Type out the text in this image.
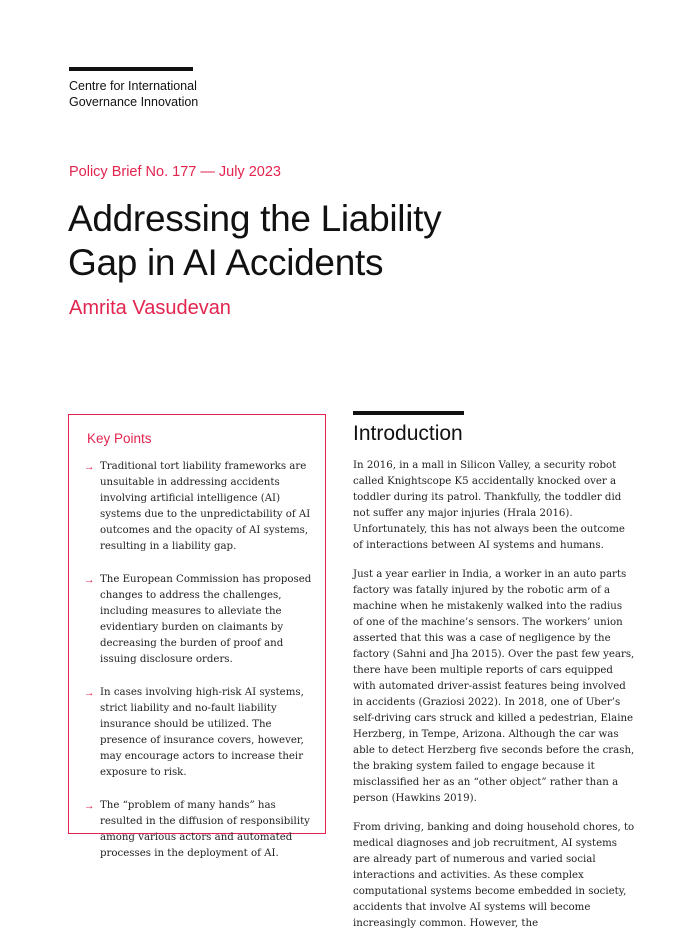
Centre for International
Governance Innovation
Policy Brief No. 177 — July 2023
Addressing the Liability
Gap in AI Accidents
Amrita Vasudevan
Key Points
→ Traditional tort liability frameworks are unsuitable in addressing accidents involving artificial intelligence (AI) systems due to the unpredictability of AI outcomes and the opacity of AI systems, resulting in a liability gap.
→ The European Commission has proposed changes to address the challenges, including measures to alleviate the evidentiary burden on claimants by decreasing the burden of proof and issuing disclosure orders.
→ In cases involving high-risk AI systems, strict liability and no-fault liability insurance should be utilized. The presence of insurance covers, however, may encourage actors to increase their exposure to risk.
→ The “problem of many hands” has resulted in the diffusion of responsibility among various actors and automated processes in the deployment of AI.
Introduction

In 2016, in a mall in Silicon Valley, a security robot called Knightscope K5 accidentally knocked over a toddler during its patrol. Thankfully, the toddler did not suffer any major injuries (Hrala 2016). Unfortunately, this has not always been the outcome of interactions between AI systems and humans.

Just a year earlier in India, a worker in an auto parts factory was fatally injured by the robotic arm of a machine when he mistakenly walked into the radius of one of the machine’s sensors. The workers’ union asserted that this was a case of negligence by the factory (Sahni and Jha 2015). Over the past few years, there have been multiple reports of cars equipped with automated driver-assist features being involved in accidents (Graziosi 2022). In 2018, one of Uber’s self-driving cars struck and killed a pedestrian, Elaine Herzberg, in Tempe, Arizona. Although the car was able to detect Herzberg five seconds before the crash, the braking system failed to engage because it misclassified her as an “other object” rather than a person (Hawkins 2019).

From driving, banking and doing household chores, to medical diagnoses and job recruitment, AI systems are already part of numerous and varied social interactions and activities. As these complex computational systems become embedded in society, accidents that involve AI systems will become increasingly common. However, the
